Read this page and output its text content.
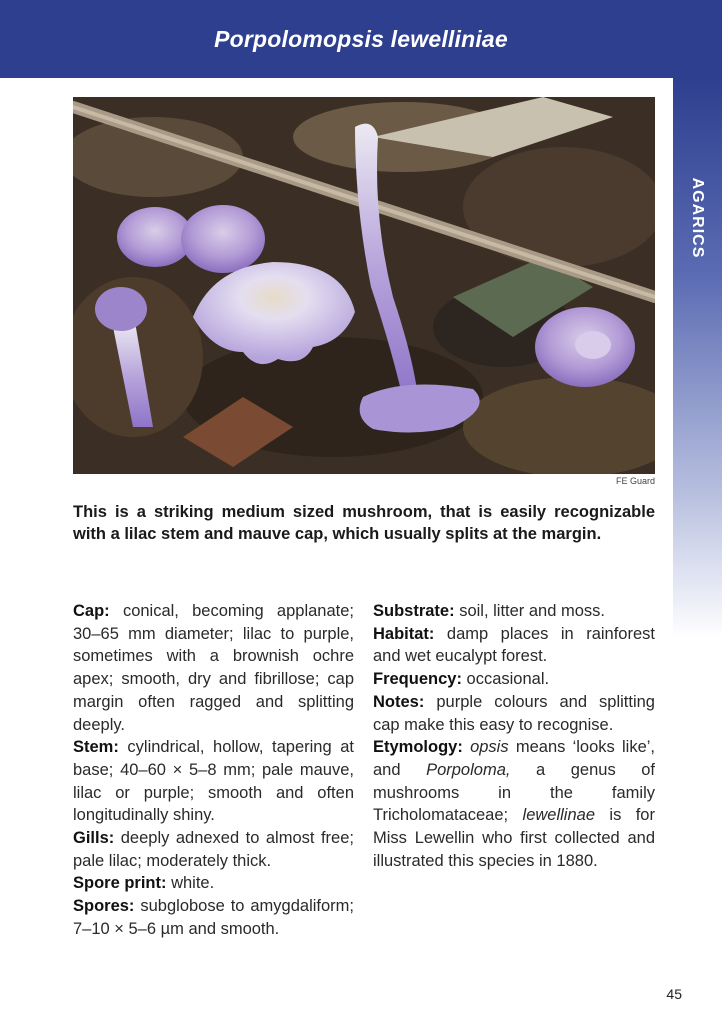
Porpolomopsis lewelliniae
AGARICS
FE Guard
This is a striking medium sized mushroom, that is easily recognizable with a lilac stem and mauve cap, which usually splits at the margin.

Cap: conical, becoming applanate; 30–65 mm diameter; lilac to purple, sometimes with a brownish ochre apex; smooth, dry and fibrillose; cap margin often ragged and splitting deeply.

Stem: cylindrical, hollow, tapering at base; 40–60 × 5–8 mm; pale mauve, lilac or purple; smooth and often longitudinally shiny.

Gills: deeply adnexed to almost free; pale lilac; moderately thick.

Spore print: white.

Spores: subglobose to amygdaliform; 7–10 × 5–6 µm and smooth.

Substrate: soil, litter and moss.

Habitat: damp places in rainforest and wet eucalypt forest.

Frequency: occasional.

Notes: purple colours and splitting cap make this easy to recognise.

Etymology: opsis means ‘looks like’, and Porpoloma, a genus of mushrooms in the family Tricholomataceae; lewellinae is for Miss Lewellin who first collected and illustrated this species in 1880.

45
